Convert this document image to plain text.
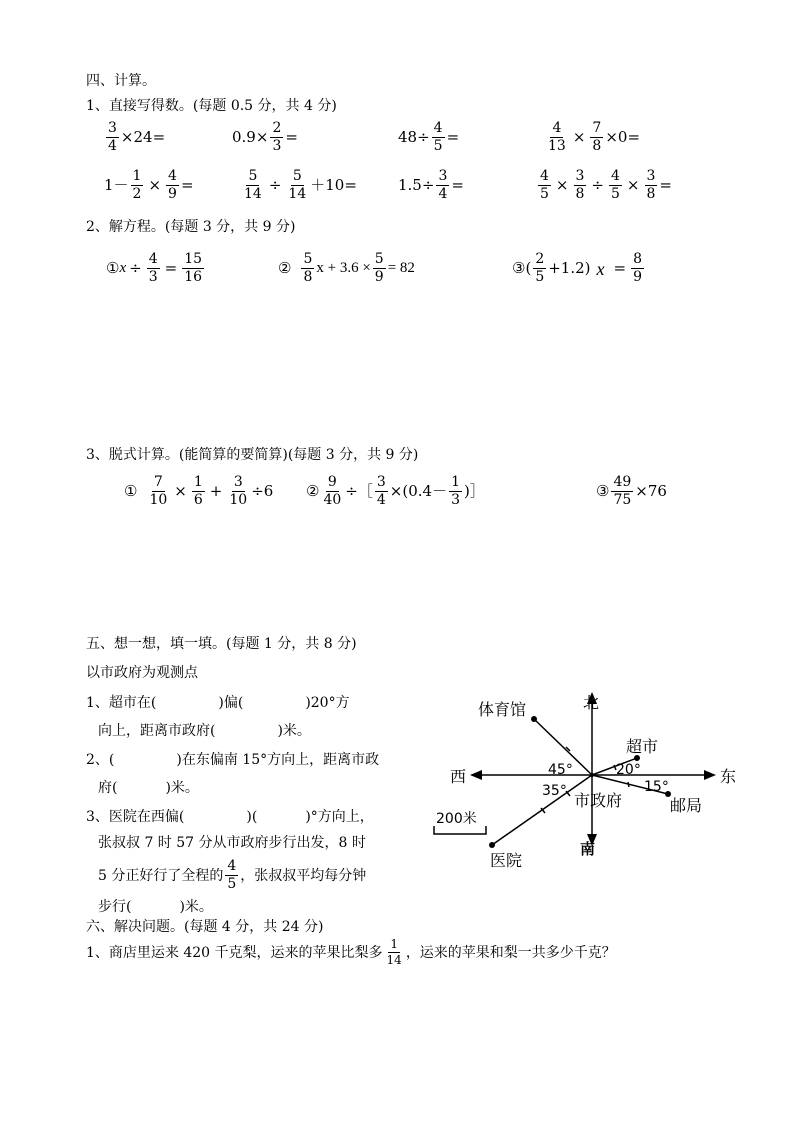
四、计算。
1、直接写得数。(每题 0.5 分，共 4 分)
$\frac{3}{4} \times 24=$	$0.9\times \frac{2}{3}$ =	$48\div \frac{4}{5}$ =	$\frac{4}{13} \times \frac{7}{8} \times 0=$
$1- \frac{1}{2} \times \frac{4}{9}$ =	$\frac{5}{14} \div \frac{5}{14} +10=$	$1.5\div \frac{3}{4}$ =	$\frac{4}{5} \times \frac{3}{8} \div \frac{4}{5} \times \frac{3}{8}$ =
2、解方程。(每题 3 分，共 9 分)
① $x \div \frac{4}{3} = \frac{15}{16}$	② $\frac{5}{8}$ $x + 3.6 \times \frac{5}{9} = 82$	③( $\frac{2}{5} +1.2$) $x = \frac{8}{9}$
3、脱式计算。(能简算的要简算)(每题 3 分，共 9 分)
① $\frac{7}{10} \times \frac{1}{6} + \frac{3}{10} \div 6$ ② $\frac{9}{40}$ ÷［ $\frac{3}{4} \times(0.4- \frac{1}{3}$ )］	③ $\frac{49}{75} \times 76$
五、想一想，填一填。(每题 1 分，共 8 分)
以市政府为观测点
1、超市在(	)偏(	)20°方
向上，距离市政府(	)米。
2、(	)在东偏南 15°方向上，距离市政
府(	)米。
3、医院在西偏(	)(	)°方向上，
张叔叔 7 时 57 分从市政府步行出发，8 时
5 分正好行了全程的 $\frac{4}{5}$ ，张叔叔平均每分钟
步行(	)米。
北
南
东
西
体育馆
超市
邮局
医院
市政府
45°	20°
35°	15°
200米
六、解决问题。(每题 4 分，共 24 分)
1、商店里运来 420 千克梨，运来的苹果比梨多 $\frac{1}{14}$ ，运来的苹果和梨一共多少千克？
